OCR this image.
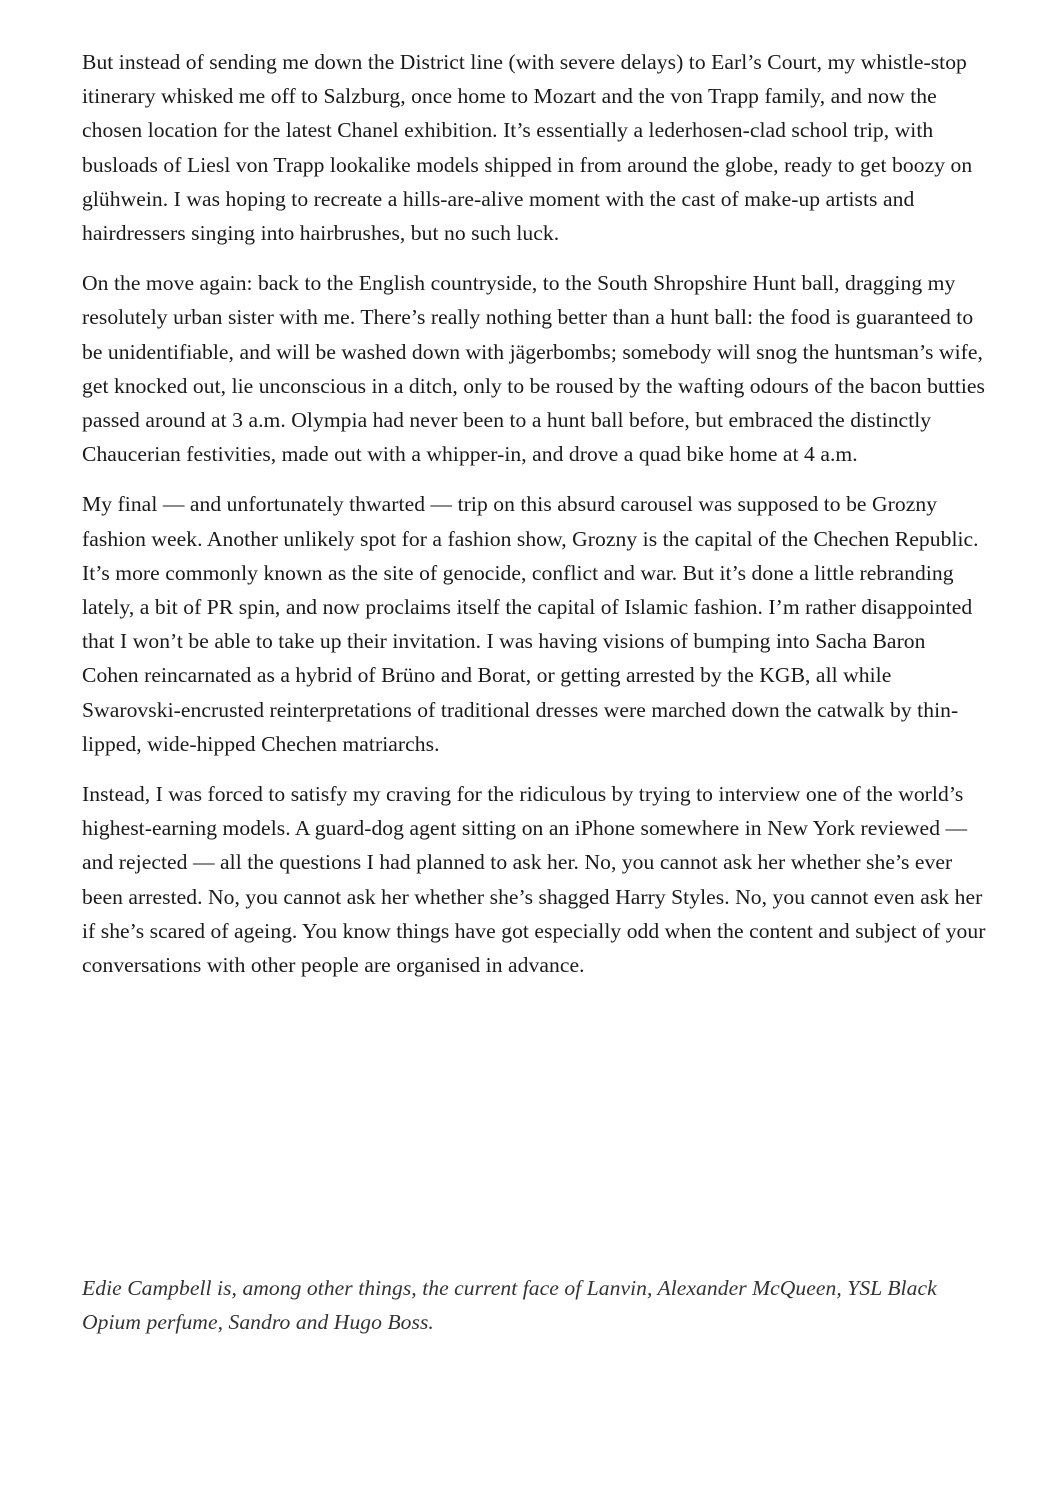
But instead of sending me down the District line (with severe delays) to Earl’s Court, my whistle-stop itinerary whisked me off to Salzburg, once home to Mozart and the von Trapp family, and now the chosen location for the latest Chanel exhibition. It’s essentially a lederhosen-clad school trip, with busloads of Liesl von Trapp lookalike models shipped in from around the globe, ready to get boozy on glühwein. I was hoping to recreate a hills-are-alive moment with the cast of make-up artists and hairdressers singing into hairbrushes, but no such luck.

On the move again: back to the English countryside, to the South Shropshire Hunt ball, dragging my resolutely urban sister with me. There’s really nothing better than a hunt ball: the food is guaranteed to be unidentifiable, and will be washed down with jägerbombs; somebody will snog the huntsman’s wife, get knocked out, lie unconscious in a ditch, only to be roused by the wafting odours of the bacon butties passed around at 3 a.m. Olympia had never been to a hunt ball before, but embraced the distinctly Chaucerian festivities, made out with a whipper-in, and drove a quad bike home at 4 a.m.

My final — and unfortunately thwarted — trip on this absurd carousel was supposed to be Grozny fashion week. Another unlikely spot for a fashion show, Grozny is the capital of the Chechen Republic. It’s more commonly known as the site of genocide, conflict and war. But it’s done a little rebranding lately, a bit of PR spin, and now proclaims itself the capital of Islamic fashion. I’m rather disappointed that I won’t be able to take up their invitation. I was having visions of bumping into Sacha Baron Cohen reincarnated as a hybrid of Brüno and Borat, or getting arrested by the KGB, all while Swarovski-encrusted reinterpretations of traditional dresses were marched down the catwalk by thin-lipped, wide-hipped Chechen matriarchs.

Instead, I was forced to satisfy my craving for the ridiculous by trying to interview one of the world’s highest-earning models. A guard-dog agent sitting on an iPhone somewhere in New York reviewed — and rejected — all the questions I had planned to ask her. No, you cannot ask her whether she’s ever been arrested. No, you cannot ask her whether she’s shagged Harry Styles. No, you cannot even ask her if she’s scared of ageing. You know things have got especially odd when the content and subject of your conversations with other people are organised in advance.

Edie Campbell is, among other things, the current face of Lanvin, Alexander McQueen, YSL Black Opium perfume, Sandro and Hugo Boss.
